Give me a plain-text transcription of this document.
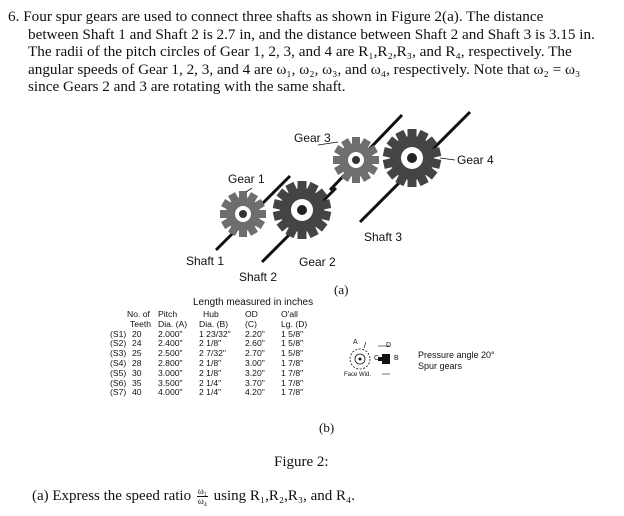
6. Four spur gears are used to connect three shafts as shown in Figure 2(a). The distance
between Shaft 1 and Shaft 2 is 2.7 in, and the distance between Shaft 2 and Shaft 3 is 3.15 in.
The radii of the pitch circles of Gear 1, 2, 3, and 4 are R₁,R₂,R₃, and R₄, respectively. The
angular speeds of Gear 1, 2, 3, and 4 are ω₁, ω₂, ω₃, and ω₄, respectively. Note that ω₂ = ω₃
since Gears 2 and 3 are rotating with the same shaft.
Gear 3
Gear 4
Gear 1
Shaft 3
Shaft 1	Gear 2
Shaft 2
(a)
Length measured in inches
No. of Pitch	Hub	OD	O'all
Teeth Dia. (A)	Dia. (B)	(C)	Lg. (D)
(S1) 20	2.000"	1 23/32"	2.20"	1 5/8"
(S2) 24	2.400"	2 1/8"	2.60"	1 5/8"
(S3) 25	2.500"	2 7/32"	2.70"	1 5/8"
(S4) 28	2.800"	2 1/8"	3.00"	1 7/8"
(S5) 30	3.000"	2 1/8"	3.20"	1 7/8"
(S6) 35	3.500"	2 1/4"	3.70"	1 7/8"
(S7) 40	4.000"	2 1/4"	4.20"	1 7/8"
A	D
C B
Face Wid.
Pressure angle 20°
Spur gears
(b)
Figure 2:
(a) Express the speed ratio $\frac{\text{ω₁}}{\text{ω₄}}$ using R₁,R₂,R₃, and R₄.
